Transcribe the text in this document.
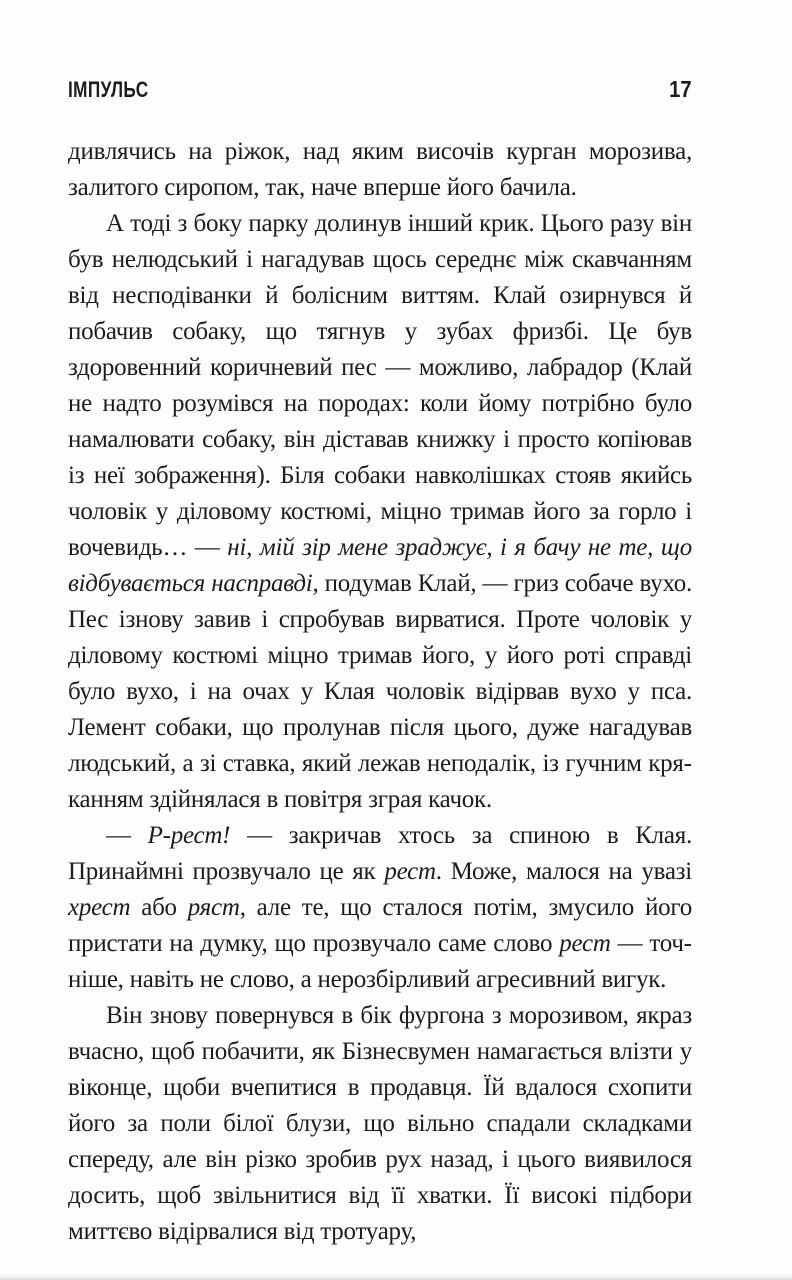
ІМПУЛЬС	17

дивлячись на ріжок, над яким височів курган морозива, залитого сиропом, так, наче вперше його бачила.

А тоді з боку парку долинув інший крик. Цього разу він був нелюдський і нагадував щось середнє між скавчанням від несподіванки й болісним виттям. Клай озирнувся й побачив собаку, що тягнув у зубах фризбі. Це був здоровенний коричневий пес — можливо, лабрадор (Клай не надто розумівся на породах: коли йому потрібно було намалювати собаку, він діставав книжку і просто копіював із неї зображення). Біля собаки навколішках стояв якийсь чоловік у діловому костюмі, міцно тримав його за горло і вочевидь… — ні, мій зір мене зраджує, і я бачу не те, що відбувається насправді, подумав Клай, — гриз собаче вухо. Пес ізнову завив і спробував вирватися. Проте чоловік у діловому костюмі міцно тримав його, у його роті справді було вухо, і на очах у Клая чоловік відірвав вухо у пса. Лемент собаки, що пролунав після цього, дуже нагадував людський, а зі ставка, який лежав неподалік, із гучним кряканням здійнялася в повітря зграя качок.

— Р-рест! — закричав хтось за спиною в Клая. Принаймні прозвучало це як рест. Може, малося на увазі хрест або ряст, але те, що сталося потім, змусило його пристати на думку, що прозвучало саме слово рест — точніше, навіть не слово, а нерозбірливий агресивний вигук.

Він знову повернувся в бік фургона з морозивом, якраз вчасно, щоб побачити, як Бізнесвумен намагається влізти у віконце, щоби вчепитися в продавця. Їй вдалося схопити його за поли білої блузи, що вільно спадали складками спереду, але він різко зробив рух назад, і цього виявилося досить, щоб звільнитися від її хватки. Її високі підбори миттєво відірвалися від тротуару,
